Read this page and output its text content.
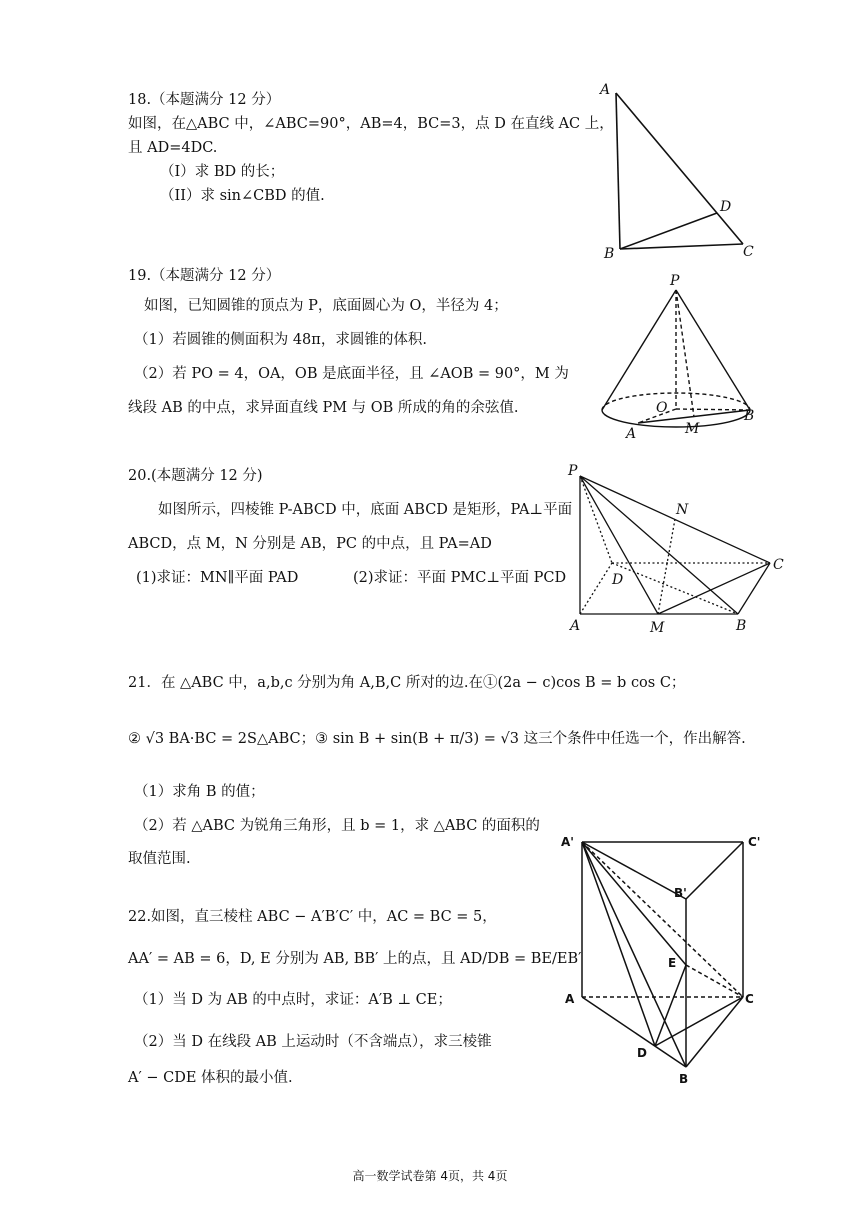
18.（本题满分 12 分）
如图，在△ABC 中，∠ABC=90°，AB=4，BC=3，点 D 在直线 AC 上，
且 AD=4DC.
（I）求 BD 的长；
（II）求 sin∠CBD 的值.
A
B	C
D
19.（本题满分 12 分）
如图，已知圆锥的顶点为 P，底面圆心为 O，半径为 4；
（1）若圆锥的侧面积为 48π，求圆锥的体积.
（2）若 PO = 4，OA，OB 是底面半径，且 ∠AOB = 90°，M 为
线段 AB 的中点，求异面直线 PM 与 OB 所成的角的余弦值.
P
O
A	M
B
20.(本题满分 12 分)
如图所示，四棱锥 P-ABCD 中，底面 ABCD 是矩形，PA⊥平面
ABCD，点 M，N 分别是 AB，PC 的中点，且 PA=AD
(1)求证：MN∥平面 PAD	(2)求证：平面 PMC⊥平面 PCD
P
N
C
D
A	M	B
21．在 △ABC 中，a,b,c 分别为角 A,B,C 所对的边.在①(2a − c)cos B = b cos C；
② √3 BA·BC = 2S△ABC；③ sin B + sin(B + π/3) = √3 这三个条件中任选一个，作出解答.
（1）求角 B 的值；
（2）若 △ABC 为锐角三角形，且 b = 1，求 △ABC 的面积的
取值范围.
22.如图，直三棱柱 ABC − A′B′C′ 中，AC = BC = 5，
AA′ = AB = 6，D, E 分别为 AB, BB′ 上的点，且 AD/DB = BE/EB′
（1）当 D 为 AB 的中点时，求证：A′B ⊥ CE；
（2）当 D 在线段 AB 上运动时（不含端点），求三棱锥
A′ − CDE 体积的最小值.
A'	C'
B'
E
A	C
D
B
高一数学试卷第 4页，共 4页
